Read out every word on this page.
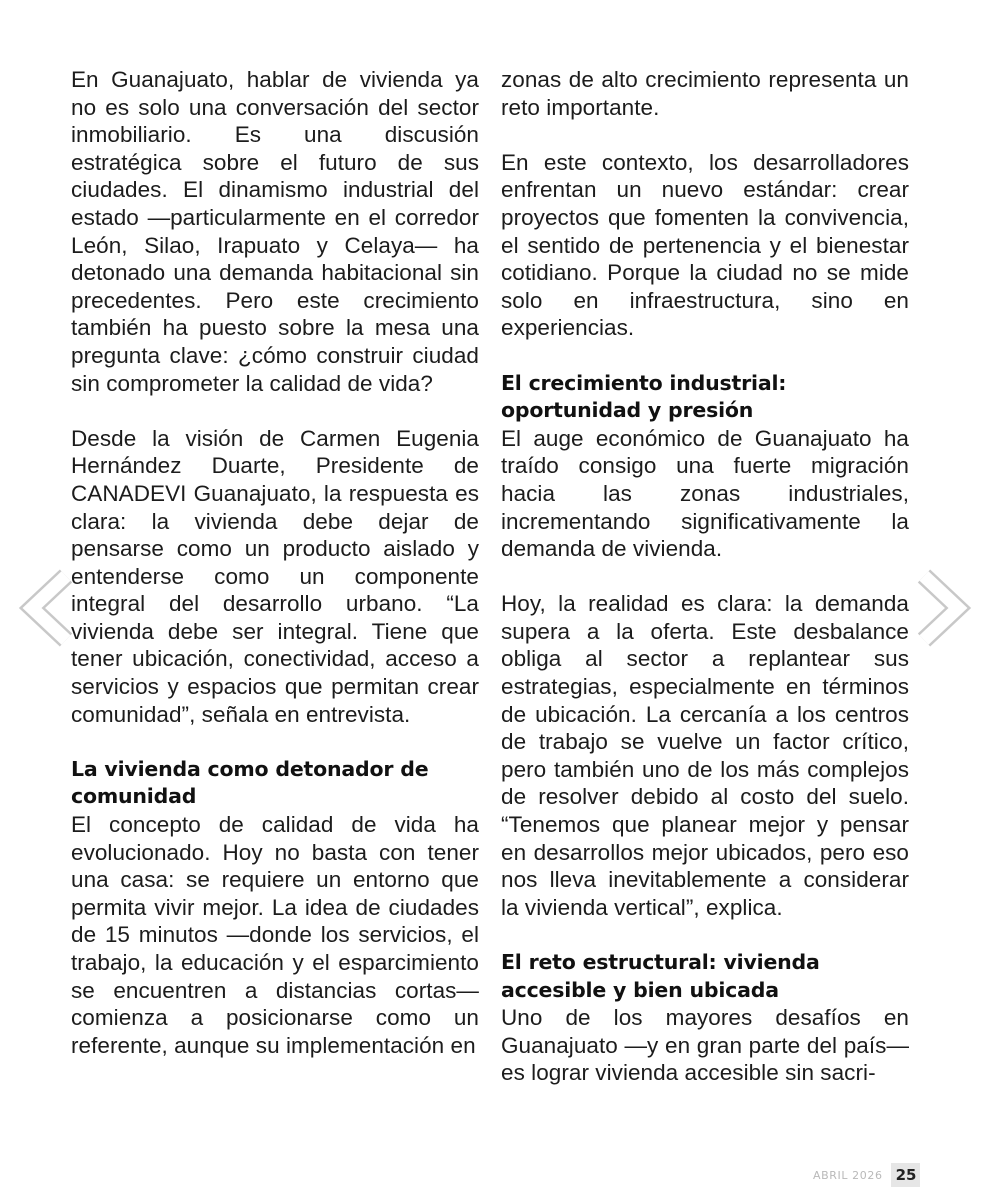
En Guanajuato, hablar de vivienda ya no es solo una conversación del sector inmobiliario. Es una discusión estratégica sobre el futuro de sus ciudades. El dinamismo industrial del estado —particularmente en el corredor León, Silao, Irapuato y Celaya— ha detonado una demanda habitacional sin precedentes. Pero este crecimiento también ha puesto sobre la mesa una pregunta clave: ¿cómo construir ciudad sin comprometer la calidad de vida?

Desde la visión de Carmen Eugenia Hernández Duarte, Presidente de CANADEVI Guanajuato, la respuesta es clara: la vivienda debe dejar de pensarse como un producto aislado y entenderse como un componente integral del desarrollo urbano. “La vivienda debe ser integral. Tiene que tener ubicación, conectividad, acceso a servicios y espacios que permitan crear comunidad”, señala en entrevista.

La vivienda como detonador de comunidad

El concepto de calidad de vida ha evolucionado. Hoy no basta con tener una casa: se requiere un entorno que permita vivir mejor. La idea de ciudades de 15 minutos —donde los servicios, el trabajo, la educación y el esparcimiento se encuentren a distancias cortas— comienza a posicionarse como un referente, aunque su implementación en

zonas de alto crecimiento representa un reto importante.

En este contexto, los desarrolladores enfrentan un nuevo estándar: crear proyectos que fomenten la convivencia, el sentido de pertenencia y el bienestar cotidiano. Porque la ciudad no se mide solo en infraestructura, sino en experiencias.

El crecimiento industrial: oportunidad y presión

El auge económico de Guanajuato ha traído consigo una fuerte migración hacia las zonas industriales, incrementando significativamente la demanda de vivienda.

Hoy, la realidad es clara: la demanda supera a la oferta. Este desbalance obliga al sector a replantear sus estrategias, especialmente en términos de ubicación. La cercanía a los centros de trabajo se vuelve un factor crítico, pero también uno de los más complejos de resolver debido al costo del suelo. “Tenemos que planear mejor y pensar en desarrollos mejor ubicados, pero eso nos lleva inevitablemente a considerar la vivienda vertical”, explica.

El reto estructural: vivienda accesible y bien ubicada

Uno de los mayores desafíos en Guanajuato —y en gran parte del país— es lograr vivienda accesible sin sacri-

ABRIL 2026 25
